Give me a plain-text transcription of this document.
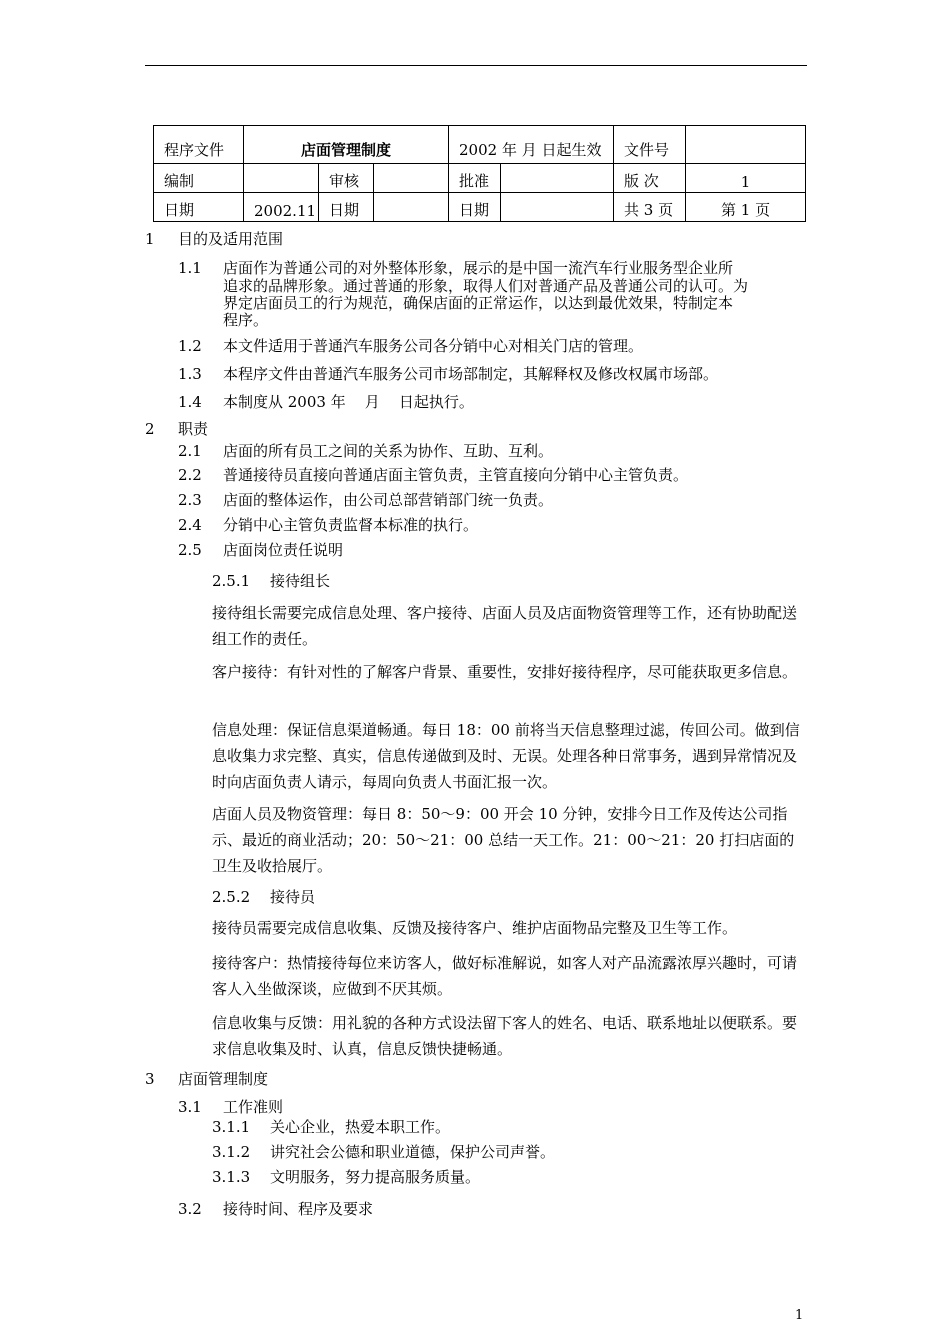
程序文件	店面管理制度			2002 年 月 日起生效		文件号	
编制		审核		批准		版 次	1
日期	2002.11	日期		日期		共 3 页	第 1 页
1 目的及适用范围
1.1 店面作为普通公司的对外整体形象，展示的是中国一流汽车行业服务型企业所
追求的品牌形象。通过普通的形象，取得人们对普通产品及普通公司的认可。为
界定店面员工的行为规范，确保店面的正常运作，以达到最优效果，特制定本
程序。
1.2 本文件适用于普通汽车服务公司各分销中心对相关门店的管理。
1.3 本程序文件由普通汽车服务公司市场部制定，其解释权及修改权属市场部。
1.4 本制度从 2003 年    月    日起执行。
2 职责
2.1 店面的所有员工之间的关系为协作、互助、互利。
2.2 普通接待员直接向普通店面主管负责，主管直接向分销中心主管负责。
2.3 店面的整体运作，由公司总部营销部门统一负责。
2.4 分销中心主管负责监督本标准的执行。
2.5 店面岗位责任说明
2.5.1 接待组长
接待组长需要完成信息处理、客户接待、店面人员及店面物资管理等工作，还有协助配送组工作的责任。
客户接待：有针对性的了解客户背景、重要性，安排好接待程序，尽可能获取更多信息。
信息处理：保证信息渠道畅通。每日 18：00 前将当天信息整理过滤，传回公司。做到信息收集力求完整、真实，信息传递做到及时、无误。处理各种日常事务，遇到异常情况及时向店面负责人请示，每周向负责人书面汇报一次。
店面人员及物资管理：每日 8：50～9：00 开会 10 分钟，安排今日工作及传达公司指示、最近的商业活动；20：50～21：00 总结一天工作。21：00～21：20 打扫店面的卫生及收拾展厅。
2.5.2 接待员
接待员需要完成信息收集、反馈及接待客户、维护店面物品完整及卫生等工作。
接待客户：热情接待每位来访客人，做好标准解说，如客人对产品流露浓厚兴趣时，可请客人入坐做深谈，应做到不厌其烦。
信息收集与反馈：用礼貌的各种方式设法留下客人的姓名、电话、联系地址以便联系。要求信息收集及时、认真，信息反馈快捷畅通。
3 店面管理制度
3.1 工作准则
3.1.1 关心企业，热爱本职工作。
3.1.2 讲究社会公德和职业道德，保护公司声誉。
3.1.3 文明服务，努力提高服务质量。
3.2 接待时间、程序及要求
1
